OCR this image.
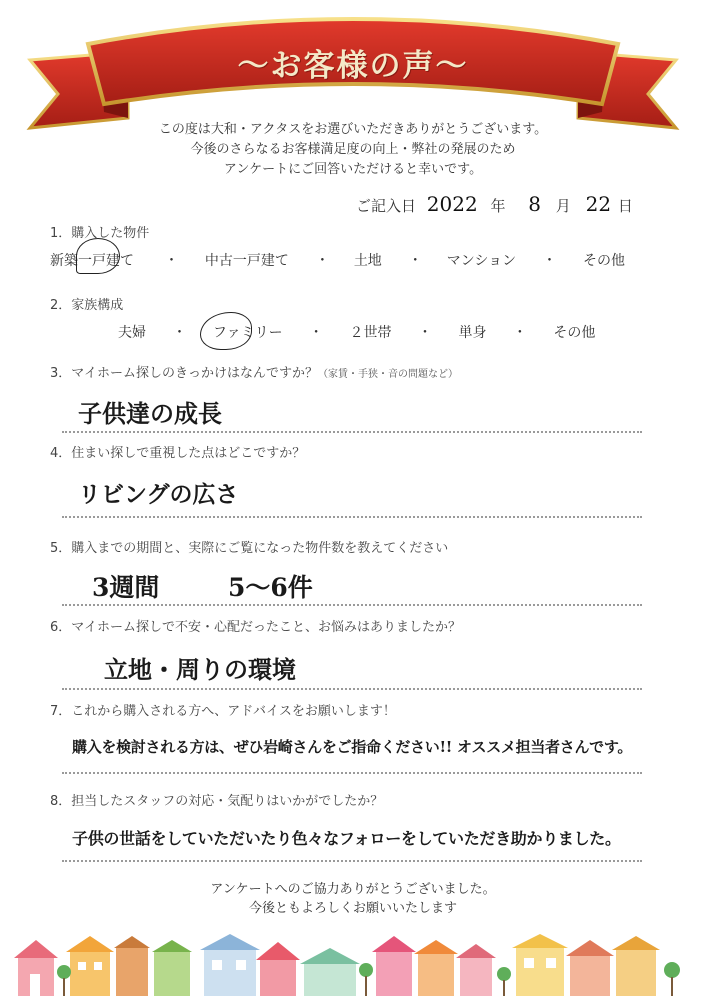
～お客様の声～
この度は大和・アクタスをお選びいただきありがとうございます。
今後のさらなるお客様満足度の向上・弊社の発展のため
アンケートにご回答いただけると幸いです。
ご記入日 2022 年 8 月 22 日
1．購入した物件
新築一戸建て ・ 中古一戸建て ・ 土地 ・ マンション ・ その他
2．家族構成
夫婦 ・ ファミリー ・ ２世帯 ・ 単身 ・ その他
3．マイホーム探しのきっかけはなんですか？（家賃・手狭・音の問題など）
子供達の成長
4．住まい探しで重視した点はどこですか？
リビングの広さ
5．購入までの期間と、実際にご覧になった物件数を教えてください
3週間	5～6件
6．マイホーム探しで不安・心配だったこと、お悩みはありましたか？
立地・周りの環境
7．これから購入される方へ、アドバイスをお願いします！
購入を検討される方は、ぜひ岩崎さんをご指命ください!! オススメ担当者さんです。
8．担当したスタッフの対応・気配りはいかがでしたか？
子供の世話をしていただいたり色々なフォローをしていただき助かりました。
アンケートへのご協力ありがとうございました。
今後ともよろしくお願いいたします
